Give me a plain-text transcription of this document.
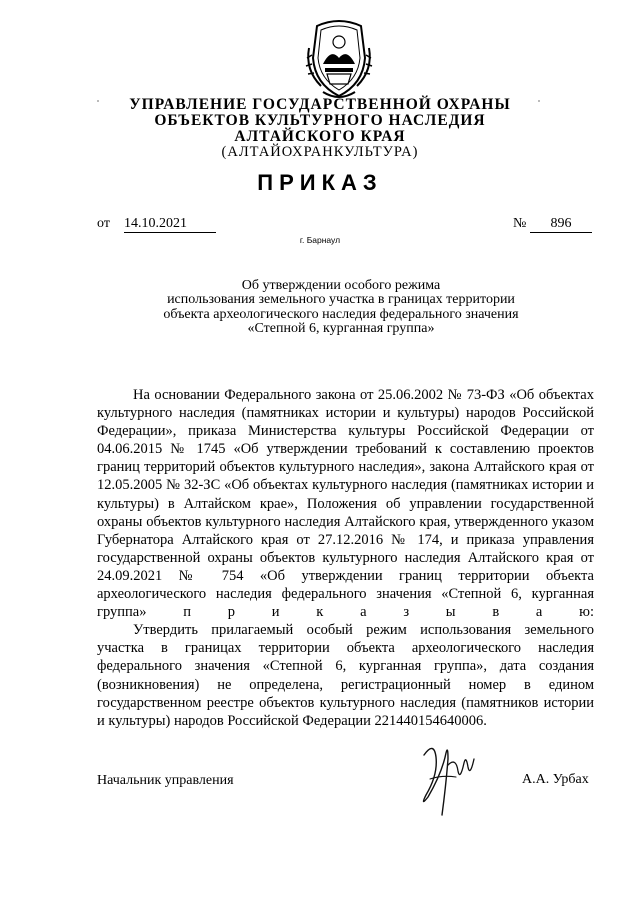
УПРАВЛЕНИЕ ГОСУДАРСТВЕННОЙ ОХРАНЫ
ОБЪЕКТОВ КУЛЬТУРНОГО НАСЛЕДИЯ
АЛТАЙСКОГО КРАЯ
(АЛТАЙОХРАНКУЛЬТУРА)
ПРИКАЗ
от 14.10.2021	№	896
г. Барнаул
Об утверждении особого режима
использования земельного участка в границах территории
объекта археологического наследия федерального значения
«Степной 6, курганная группа»

На основании Федерального закона от 25.06.2002 № 73-ФЗ «Об объектах культурного наследия (памятниках истории и культуры) народов Российской Федерации», приказа Министерства культуры Российской Федерации от 04.06.2015 № 1745 «Об утверждении требований к составлению проектов границ территорий объектов культурного наследия», закона Алтайского края от 12.05.2005 № 32-ЗС «Об объектах культурного наследия (памятниках истории и культуры) в Алтайском крае», Положения об управлении государственной охраны объектов культурного наследия Алтайского края, утвержденного указом Губернатора Алтайского края от 27.12.2016 № 174, и приказа управления государственной охраны объектов культурного наследия Алтайского края от 24.09.2021 № 754 «Об утверждении границ территории объекта археологического наследия федерального значения «Степной 6, курганная группа» п р и к а з ы в а ю:

Утвердить прилагаемый особый режим использования земельного участка в границах территории объекта археологического наследия федерального значения «Степной 6, курганная группа», дата создания (возникновения) не определена, регистрационный номер в едином государственном реестре объектов культурного наследия (памятников истории и культуры) народов Российской Федерации 221440154640006.

Начальник управления	А.А. Урбах
